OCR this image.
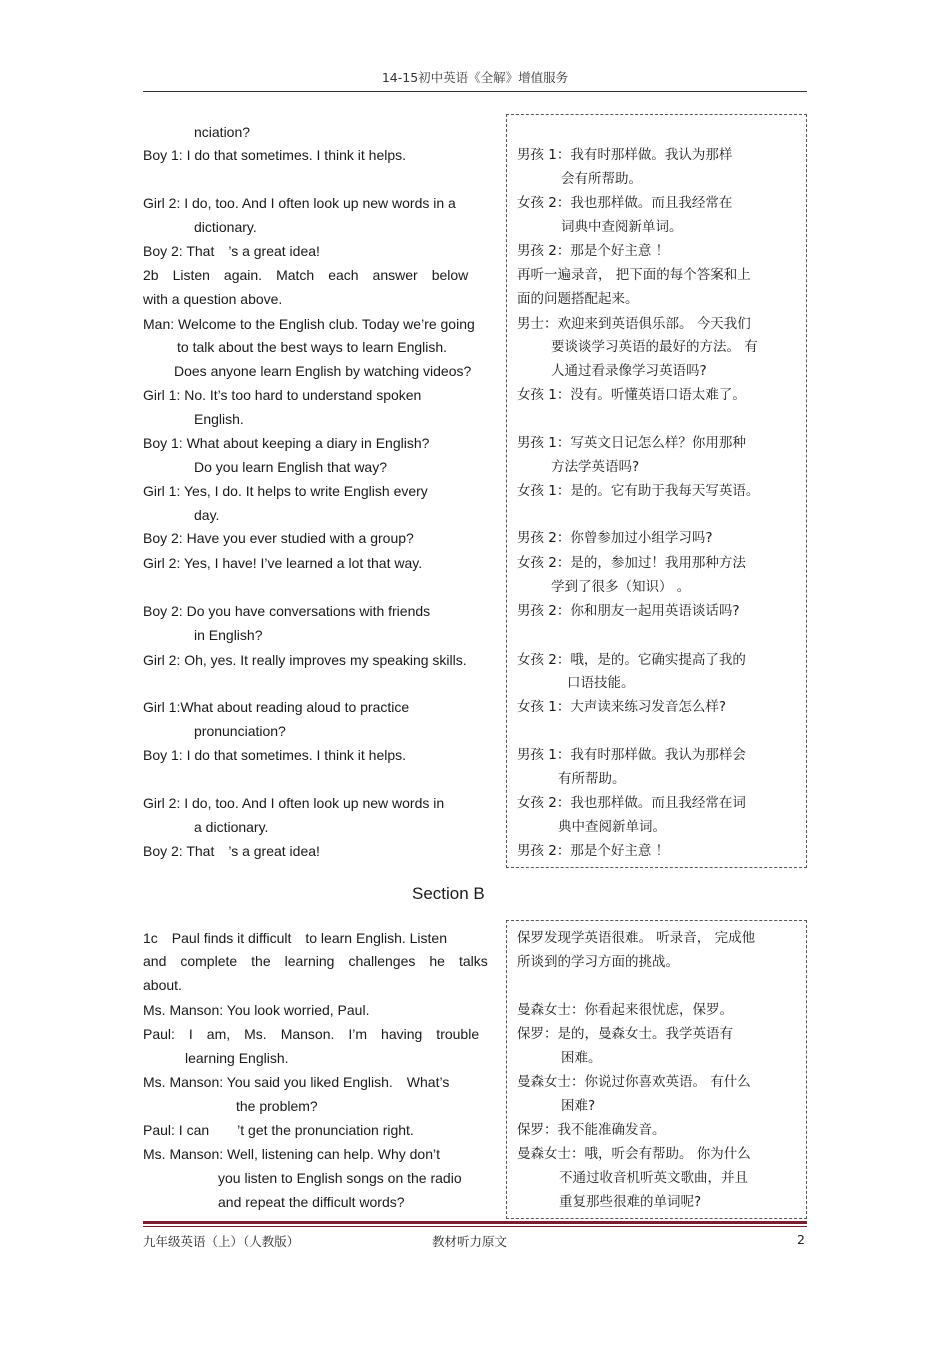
14-15初中英语《全解》增值服务
nciation?
Boy 1: I do that sometimes. I think it helps.
Girl 2: I do, too. And I often look up new words in a
dictionary.
Boy 2: That　’s a great idea!
2b　Listen　again.　Match　each　answer　below
with a question above.
Man: Welcome to the English club. Today we’re going
to talk about the best ways to learn English.
Does anyone learn English by watching videos?
Girl 1: No. It’s too hard to understand spoken
English.
Boy 1: What about keeping a diary in English?
Do you learn English that way?
Girl 1: Yes, I do. It helps to write English every
day.
Boy 2: Have you ever studied with a group?
Girl 2: Yes, I have! I’ve learned a lot that way.
Boy 2: Do you have conversations with friends
in English?
Girl 2: Oh, yes. It really improves my speaking skills.
Girl 1:What about reading aloud to practice
pronunciation?
Boy 1: I do that sometimes. I think it helps.
Girl 2: I do, too. And I often look up new words in
a dictionary.
Boy 2: That　’s a great idea!
男孩 1：我有时那样做。我认为那样
会有所帮助。
女孩 2：我也那样做。而且我经常在
词典中查阅新单词。
男孩 2：那是个好主意 ！
再听一遍录音， 把下面的每个答案和上
面的问题搭配起来。
男士：欢迎来到英语俱乐部。 今天我们
要谈谈学习英语的最好的方法。 有
人通过看录像学习英语吗?
女孩 1：没有。听懂英语口语太难了。
男孩 1：写英文日记怎么样？你用那种
方法学英语吗?
女孩 1：是的。它有助于我每天写英语。
男孩 2：你曾参加过小组学习吗?
女孩 2：是的，参加过！我用那种方法
学到了很多（知识） 。
男孩 2：你和朋友一起用英语谈话吗?
女孩 2：哦，是的。它确实提高了我的
口语技能。
女孩 1：大声读来练习发音怎么样?
男孩 1：我有时那样做。我认为那样会
有所帮助。
女孩 2：我也那样做。而且我经常在词
典中查阅新单词。
男孩 2：那是个好主意 ！
Section B
1c　Paul finds it difficult　to learn English. Listen
and　complete　the　learning　challenges　he　talks
about.
Ms. Manson: You look worried, Paul.
Paul:　I　am,　Ms.　Manson.　I’m　having　trouble
learning English.
Ms. Manson: You said you liked English.　What’s
the problem?
Paul: I can　　’t get the pronunciation right.
Ms. Manson: Well, listening can help. Why don’t
you listen to English songs on the radio
and repeat the difficult words?
保罗发现学英语很难。 听录音， 完成他
所谈到的学习方面的挑战。
曼森女士：你看起来很忧虑，保罗。
保罗：是的，曼森女士。我学英语有
困难。
曼森女士：你说过你喜欢英语。 有什么
困难?
保罗：我不能准确发音。
曼森女士：哦，听会有帮助。 你为什么
不通过收音机听英文歌曲，并且
重复那些很难的单词呢?
九年级英语（上）（人教版）	教材听力原文	2
